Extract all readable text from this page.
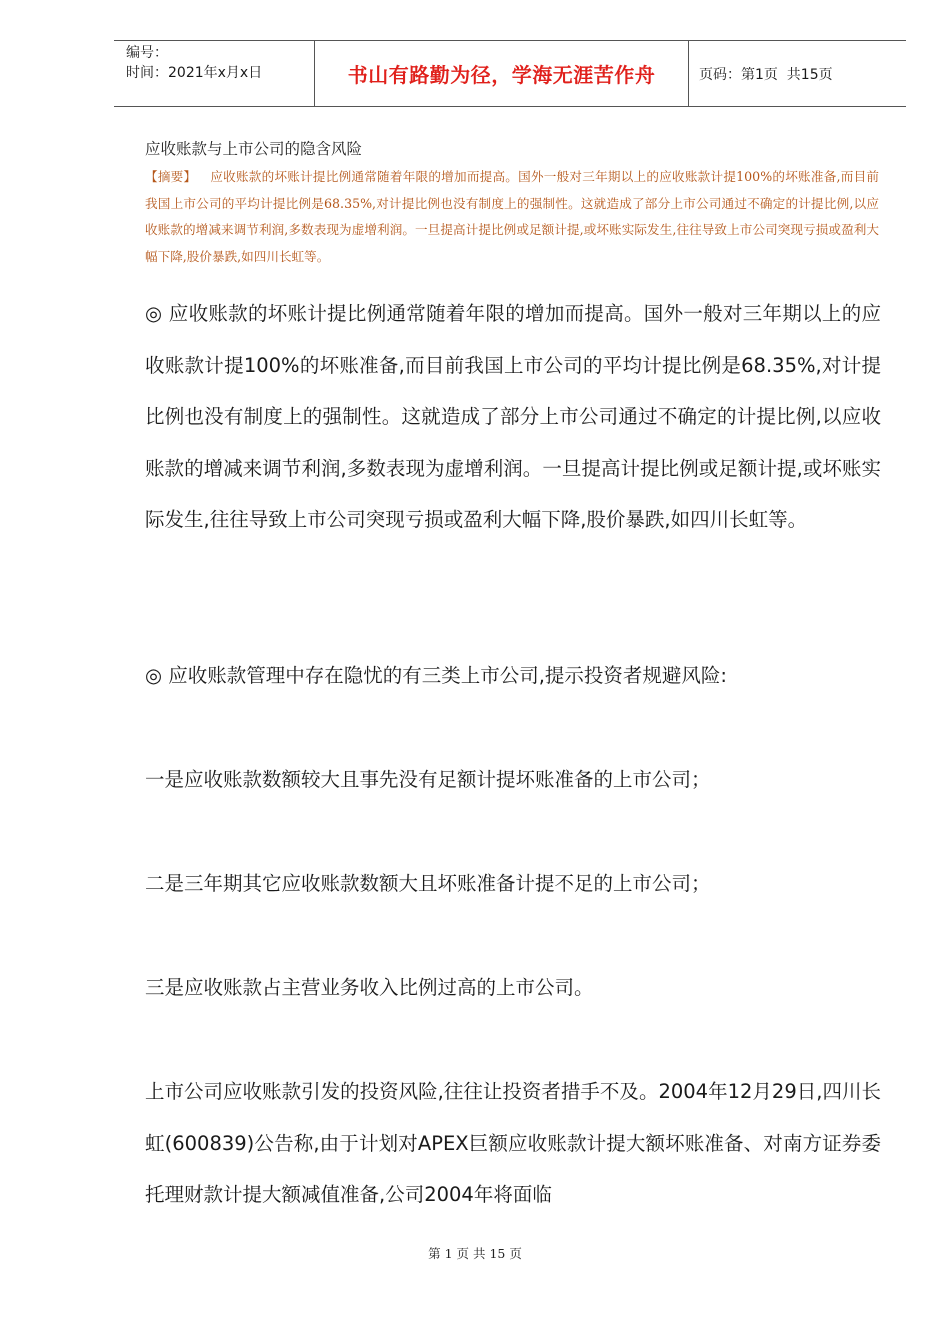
编号：
时间：2021年x月x日	书山有路勤为径，学海无涯苦作舟	页码：第1页  共15页
应收账款与上市公司的隐含风险
【摘要】 应收账款的坏账计提比例通常随着年限的增加而提高。国外一般对三年期以上的应收账款计提100%的坏账准备,而目前我国上市公司的平均计提比例是68.35%,对计提比例也没有制度上的强制性。这就造成了部分上市公司通过不确定的计提比例,以应收账款的增减来调节利润,多数表现为虚增利润。一旦提高计提比例或足额计提,或坏账实际发生,往往导致上市公司突现亏损或盈利大幅下降,股价暴跌,如四川长虹等。
◎ 应收账款的坏账计提比例通常随着年限的增加而提高。国外一般对三年期以上的应收账款计提100%的坏账准备,而目前我国上市公司的平均计提比例是68.35%,对计提比例也没有制度上的强制性。这就造成了部分上市公司通过不确定的计提比例,以应收账款的增减来调节利润,多数表现为虚增利润。一旦提高计提比例或足额计提,或坏账实际发生,往往导致上市公司突现亏损或盈利大幅下降,股价暴跌,如四川长虹等。
◎ 应收账款管理中存在隐忧的有三类上市公司,提示投资者规避风险:
一是应收账款数额较大且事先没有足额计提坏账准备的上市公司；
二是三年期其它应收账款数额大且坏账准备计提不足的上市公司；
三是应收账款占主营业务收入比例过高的上市公司。
上市公司应收账款引发的投资风险,往往让投资者措手不及。2004年12月29日,四川长虹(600839)公告称,由于计划对APEX巨额应收账款计提大额坏账准备、对南方证券委托理财款计提大额减值准备,公司2004年将面临
第 1 页 共 15 页
